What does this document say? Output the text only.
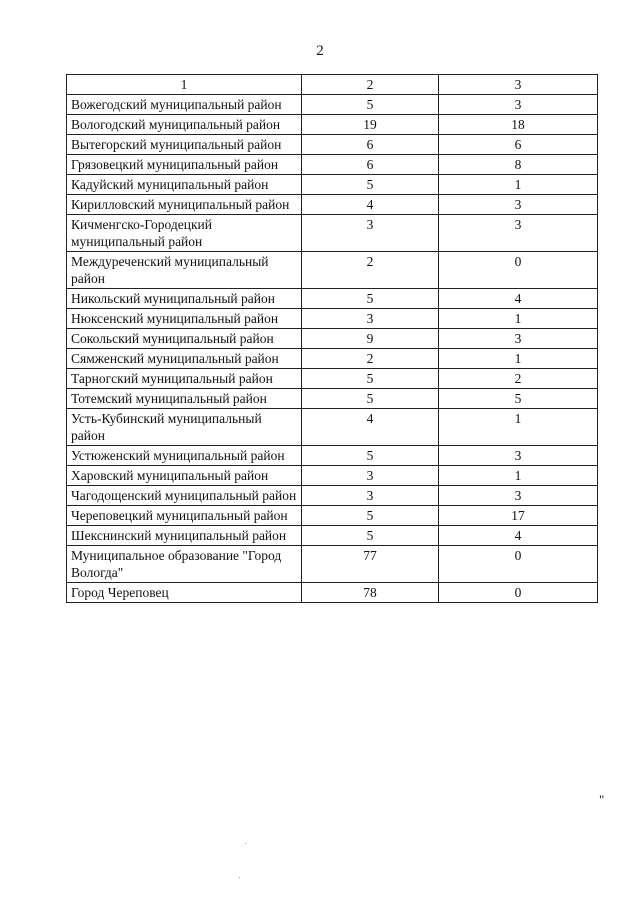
2
1	2	3
Вожегодский муниципальный район	5	3
Вологодский муниципальный район	19	18
Вытегорский муниципальный район	6	6
Грязовецкий муниципальный район	6	8
Кадуйский муниципальный район	5	1
Кирилловский муниципальный район	4	3
Кичменгско-Городецкий муниципальный район	3	3
Междуреченский муниципальный район	2	0
Никольский муниципальный район	5	4
Нюксенский муниципальный район	3	1
Сокольский муниципальный район	9	3
Сямженский муниципальный район	2	1
Тарногский муниципальный район	5	2
Тотемский муниципальный район	5	5
Усть-Кубинский муниципальный район	4	1
Устюженский муниципальный район	5	3
Харовский муниципальный район	3	1
Чагодощенский муниципальный район	3	3
Череповецкий муниципальный район	5	17
Шекснинский муниципальный район	5	4
Муниципальное образование "Город Вологда"	77	0
Город Череповец	78	0
"
